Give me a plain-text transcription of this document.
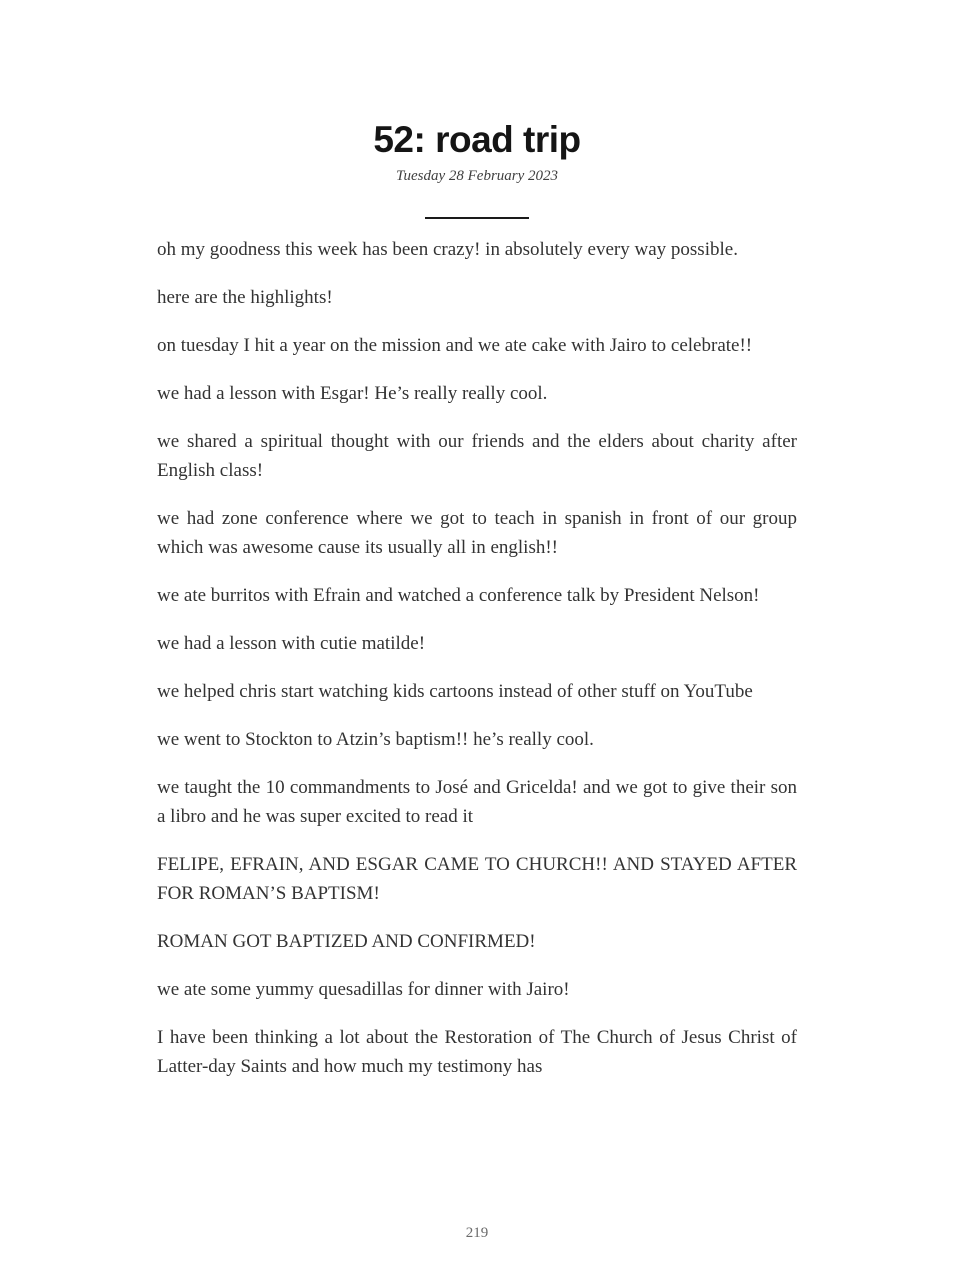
52: road trip
Tuesday 28 February 2023

oh my goodness this week has been crazy! in absolutely every way possible.

here are the highlights!

on tuesday I hit a year on the mission and we ate cake with Jairo to celebrate!!

we had a lesson with Esgar! He’s really really cool.

we shared a spiritual thought with our friends and the elders about charity after English class!

we had zone conference where we got to teach in spanish in front of our group which was awesome cause its usually all in english!!

we ate burritos with Efrain and watched a conference talk by President Nelson!

we had a lesson with cutie matilde!

we helped chris start watching kids cartoons instead of other stuff on YouTube

we went to Stockton to Atzin’s baptism!! he’s really cool.

we taught the 10 commandments to José and Gricelda! and we got to give their son a libro and he was super excited to read it

FELIPE, EFRAIN, AND ESGAR CAME TO CHURCH!! AND STAYED AFTER FOR ROMAN’S BAPTISM!

ROMAN GOT BAPTIZED AND CONFIRMED!

we ate some yummy quesadillas for dinner with Jairo!

I have been thinking a lot about the Restoration of The Church of Jesus Christ of Latter-day Saints and how much my testimony has

219
